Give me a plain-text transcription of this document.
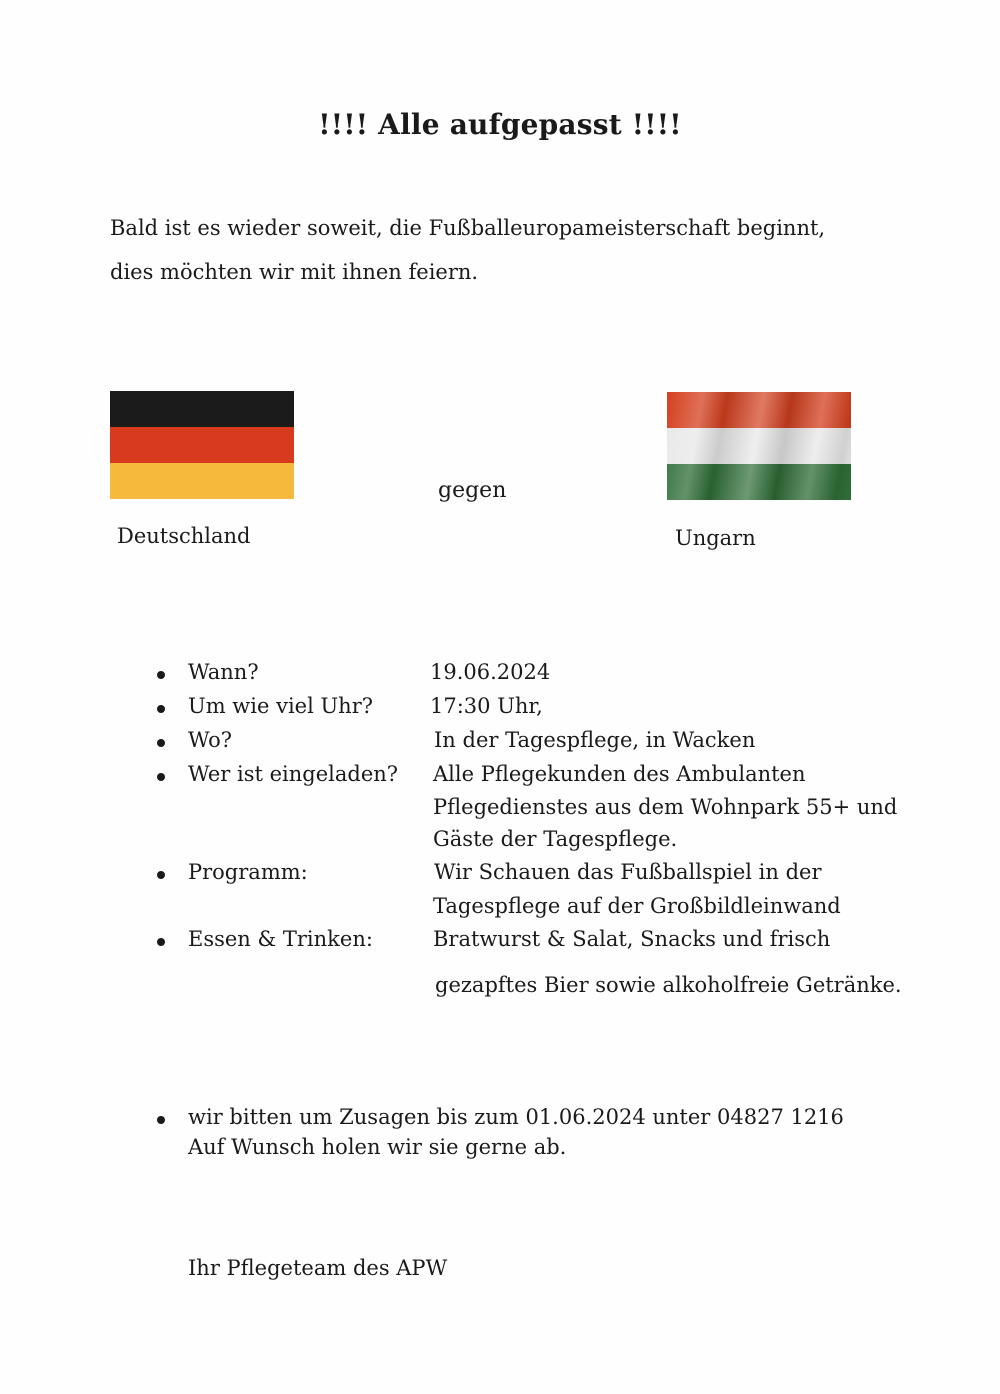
!!!! Alle aufgepasst !!!!
Bald ist es wieder soweit, die Fußballeuropameisterschaft beginnt,
dies möchten wir mit ihnen feiern.
gegen
Deutschland	Ungarn
Wann?	19.06.2024
Um wie viel Uhr?	17:30 Uhr,
Wo?	In der Tagespflege, in Wacken
Wer ist eingeladen? Alle Pflegekunden des Ambulanten
Pflegedienstes aus dem Wohnpark 55+ und
Gäste der Tagespflege.
Programm:	Wir Schauen das Fußballspiel in der
Tagespflege auf der Großbildleinwand
Essen & Trinken:	Bratwurst & Salat, Snacks und frisch
gezapftes Bier sowie alkoholfreie Getränke.
wir bitten um Zusagen bis zum 01.06.2024 unter 04827 1216
Auf Wunsch holen wir sie gerne ab.
Ihr Pflegeteam des APW
